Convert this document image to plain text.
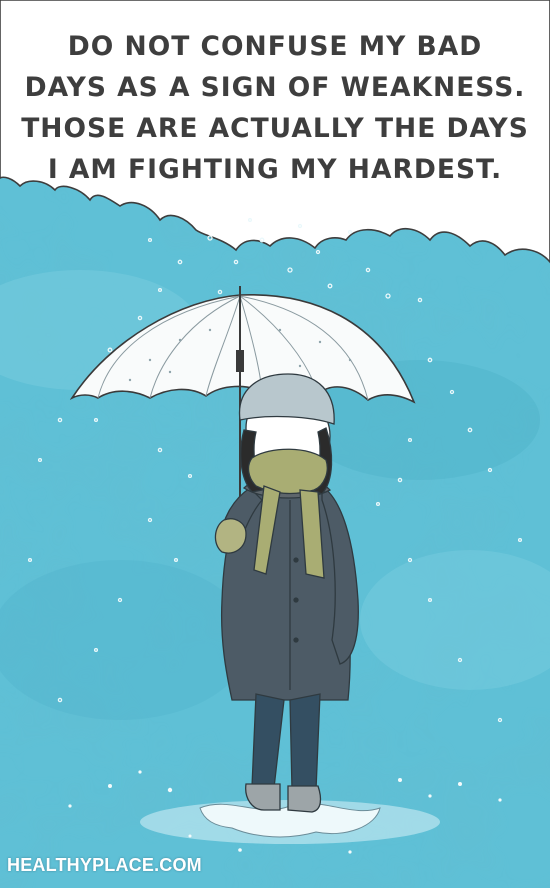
DO NOT CONFUSE MY BAD
DAYS AS A SIGN OF WEAKNESS.
THOSE ARE ACTUALLY THE DAYS
I AM FIGHTING MY HARDEST.

HEALTHYPLACE.COM
